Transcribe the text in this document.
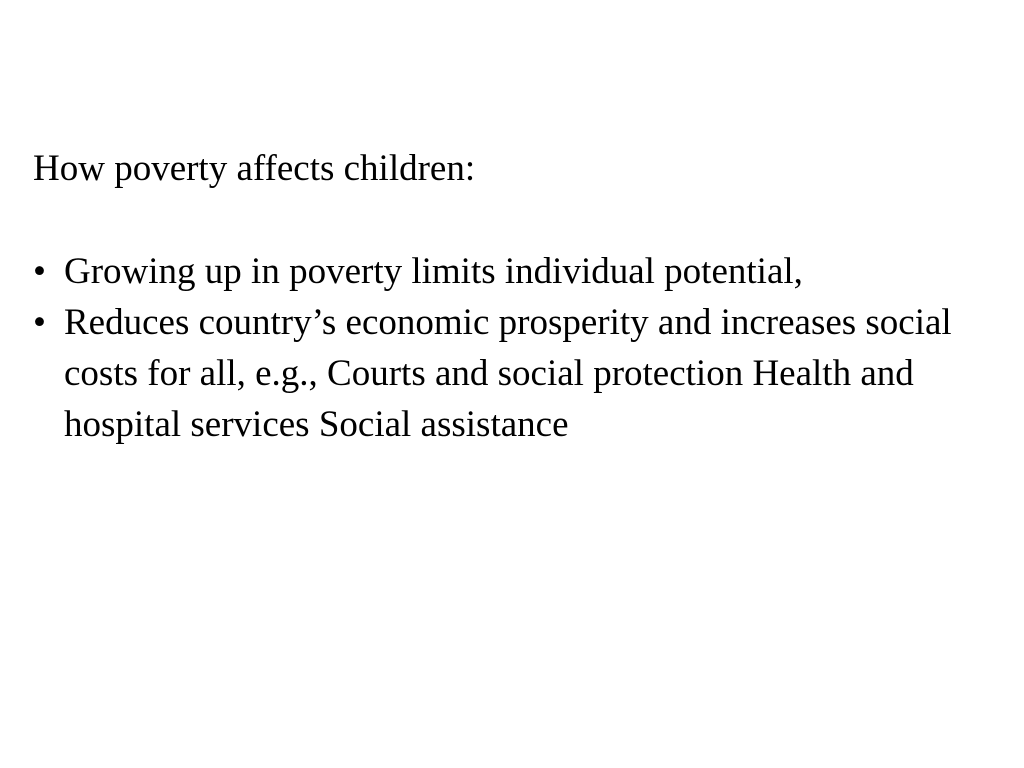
How poverty affects children:
• Growing up in poverty limits individual potential,
• Reduces country’s economic prosperity and increases social costs for all, e.g., Courts and social protection Health and hospital services Social assistance
